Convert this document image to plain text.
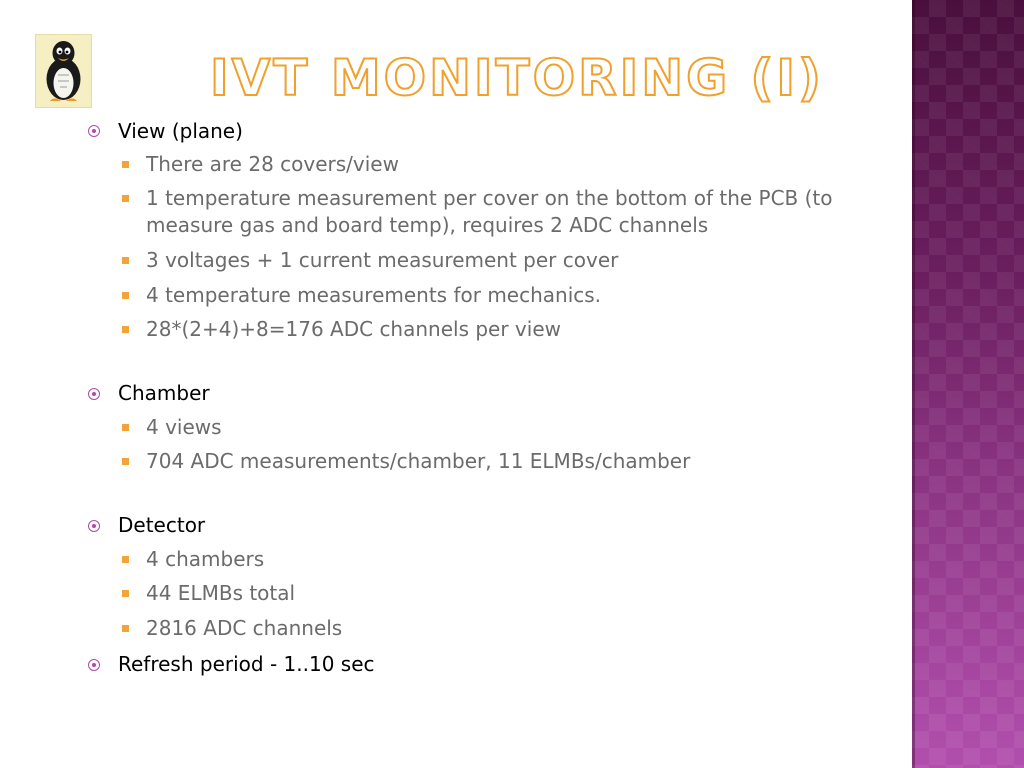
IVT MONITORING (I)
View (plane)
There are 28 covers/view
1 temperature measurement per cover on the bottom of the PCB (to measure gas and board temp), requires 2 ADC channels
3 voltages + 1 current measurement per cover
4 temperature measurements for mechanics.
28*(2+4)+8=176 ADC channels per view
Chamber
4 views
704 ADC measurements/chamber, 11 ELMBs/chamber
Detector
4 chambers
44 ELMBs total
2816 ADC channels
Refresh period - 1..10 sec
